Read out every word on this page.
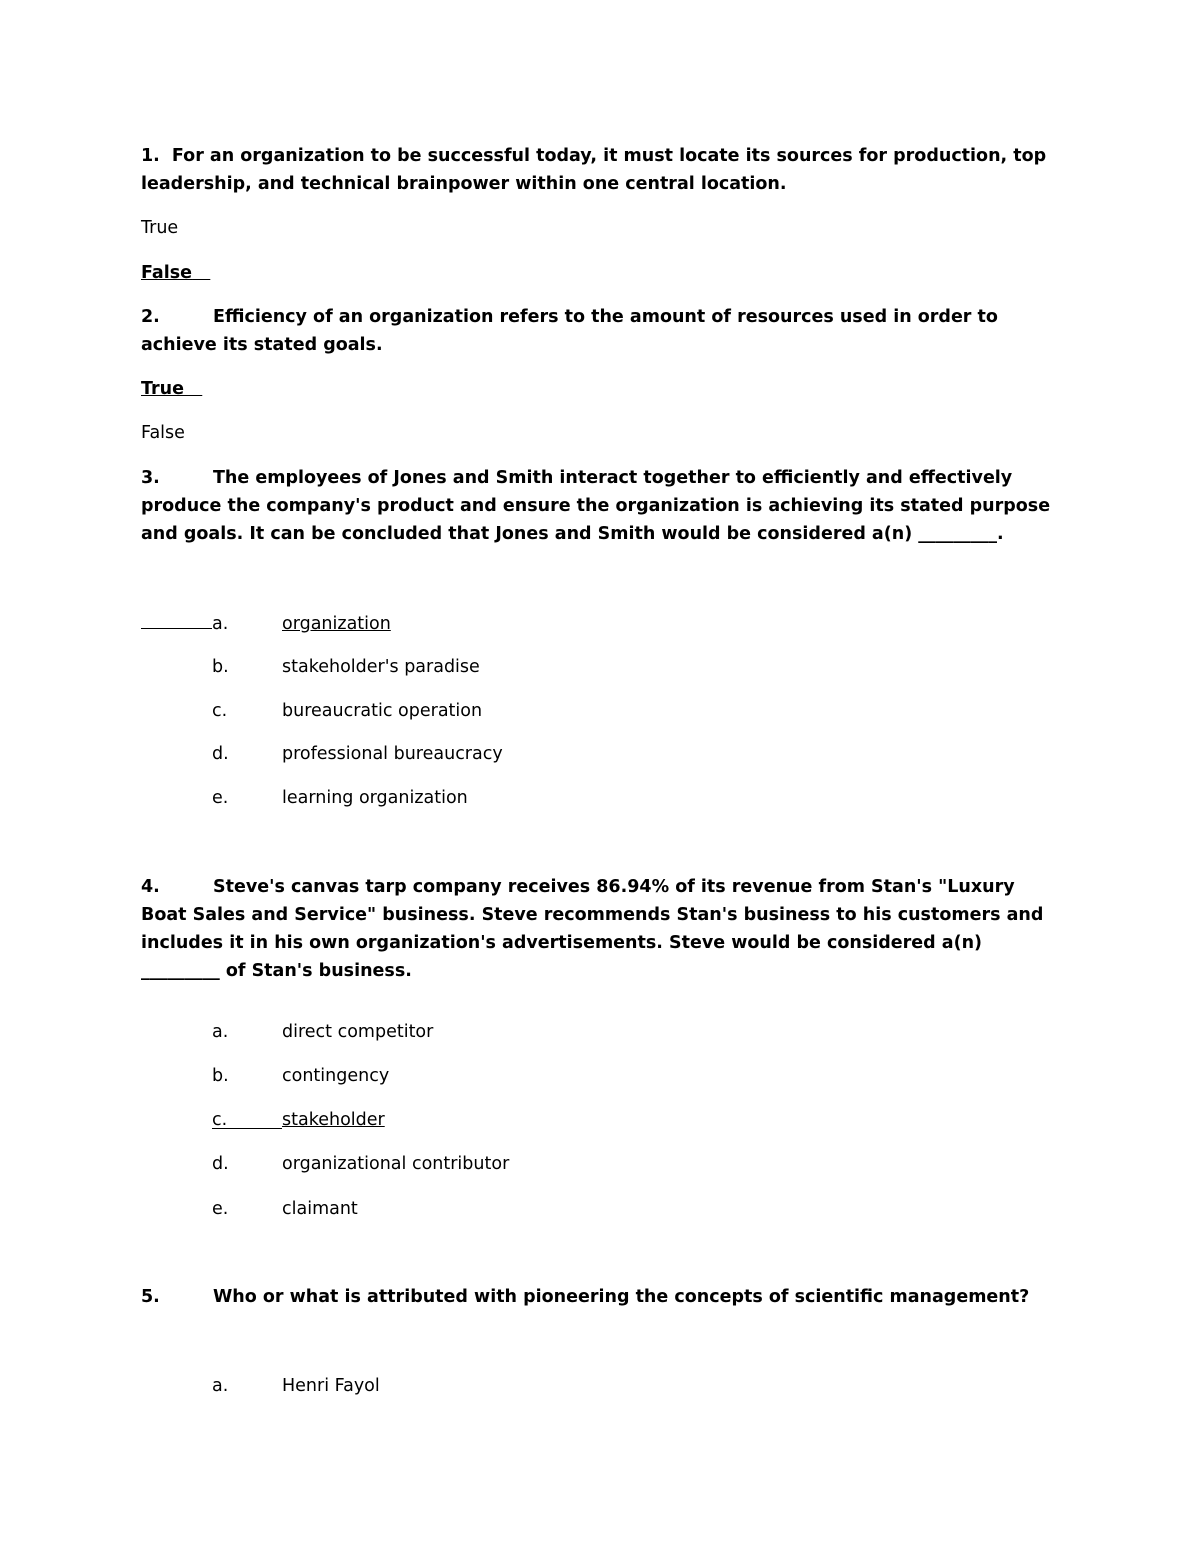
1. For an organization to be successful today, it must locate its sources for production, top leadership, and technical brainpower within one central location.
True
False
2.	Efficiency of an organization refers to the amount of resources used in order to achieve its stated goals.
True
False
3.	The employees of Jones and Smith interact together to efficiently and effectively produce the company's product and ensure the organization is achieving its stated purpose and goals. It can be concluded that Jones and Smith would be considered a(n) _________.
a.	organization
b.	stakeholder's paradise
c.	bureaucratic operation
d.	professional bureaucracy
e.	learning organization
4.	Steve's canvas tarp company receives 86.94% of its revenue from Stan's "Luxury Boat Sales and Service" business. Steve recommends Stan's business to his customers and includes it in his own organization's advertisements. Steve would be considered a(n) _________ of Stan's business.
a.	direct competitor
b.	contingency
c.	stakeholder
d.	organizational contributor
e.	claimant
5.	Who or what is attributed with pioneering the concepts of scientific management?
a.	Henri Fayol
